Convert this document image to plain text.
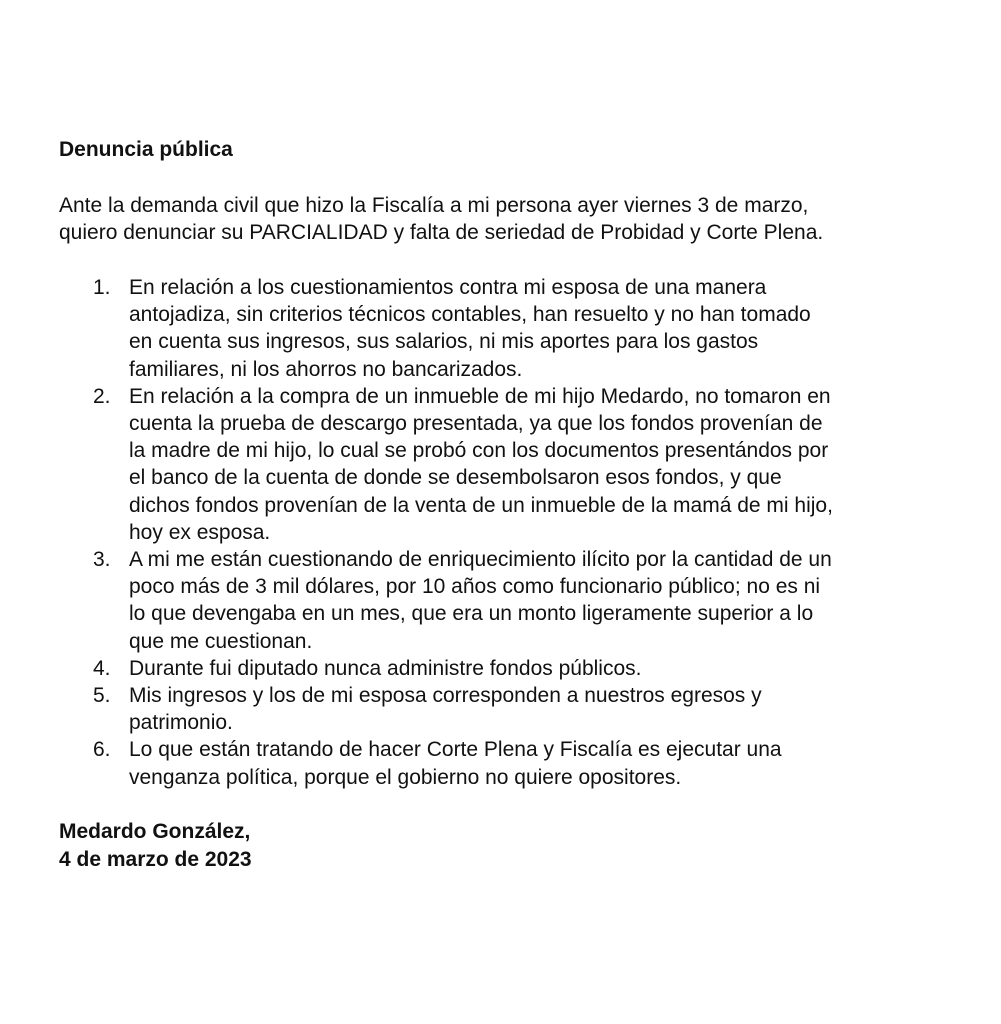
Denuncia pública

Ante la demanda civil que hizo la Fiscalía a mi persona ayer viernes 3 de marzo,
quiero denunciar su PARCIALIDAD y falta de seriedad de Probidad y Corte Plena.

1. En relación a los cuestionamientos contra mi esposa de una manera
antojadiza, sin criterios técnicos contables, han resuelto y no han tomado
en cuenta sus ingresos, sus salarios, ni mis aportes para los gastos
familiares, ni los ahorros no bancarizados.
2. En relación a la compra de un inmueble de mi hijo Medardo, no tomaron en
cuenta la prueba de descargo presentada, ya que los fondos provenían de
la madre de mi hijo, lo cual se probó con los documentos presentándos por
el banco de la cuenta de donde se desembolsaron esos fondos, y que
dichos fondos provenían de la venta de un inmueble de la mamá de mi hijo,
hoy ex esposa.
3. A mi me están cuestionando de enriquecimiento ilícito por la cantidad de un
poco más de 3 mil dólares, por 10 años como funcionario público; no es ni
lo que devengaba en un mes, que era un monto ligeramente superior a lo
que me cuestionan.
4. Durante fui diputado nunca administre fondos públicos.
5. Mis ingresos y los de mi esposa corresponden a nuestros egresos y
patrimonio.
6. Lo que están tratando de hacer Corte Plena y Fiscalía es ejecutar una
venganza política, porque el gobierno no quiere opositores.

Medardo González,
4 de marzo de 2023
